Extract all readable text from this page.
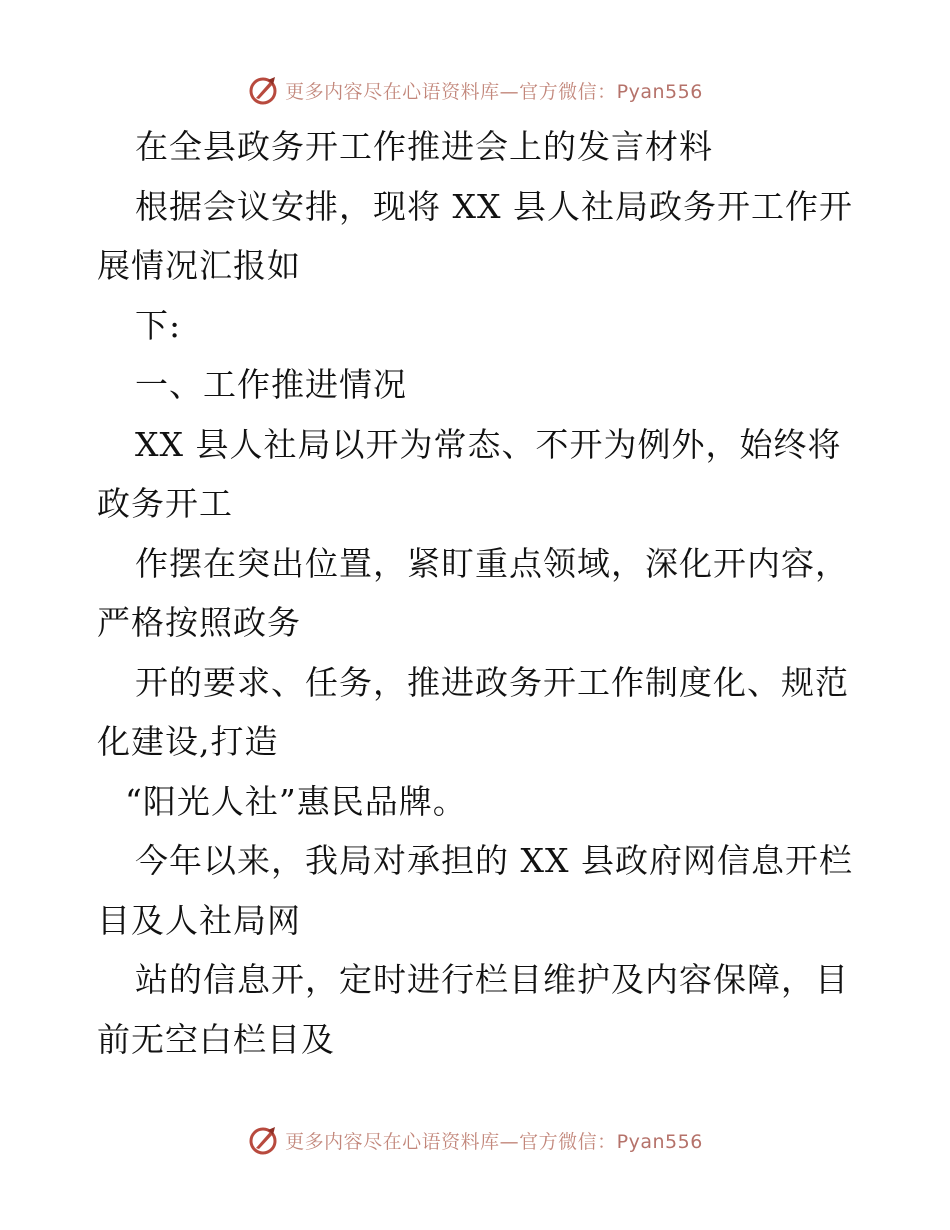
更多内容尽在心语资料库—官方微信：Pyan556
在全县政务开工作推进会上的发言材料
根据会议安排，现将 XX 县人社局政务开工作开
展情况汇报如
下:
一、工作推进情况
XX 县人社局以开为常态、不开为例外，始终将
政务开工
作摆在突出位置，紧盯重点领域，深化开内容，
严格按照政务
开的要求、任务，推进政务开工作制度化、规范
化建设,打造
“阳光人社”惠民品牌。
今年以来，我局对承担的 XX 县政府网信息开栏
目及人社局网
站的信息开，定时进行栏目维护及内容保障，目
前无空白栏目及
更多内容尽在心语资料库—官方微信：Pyan556
